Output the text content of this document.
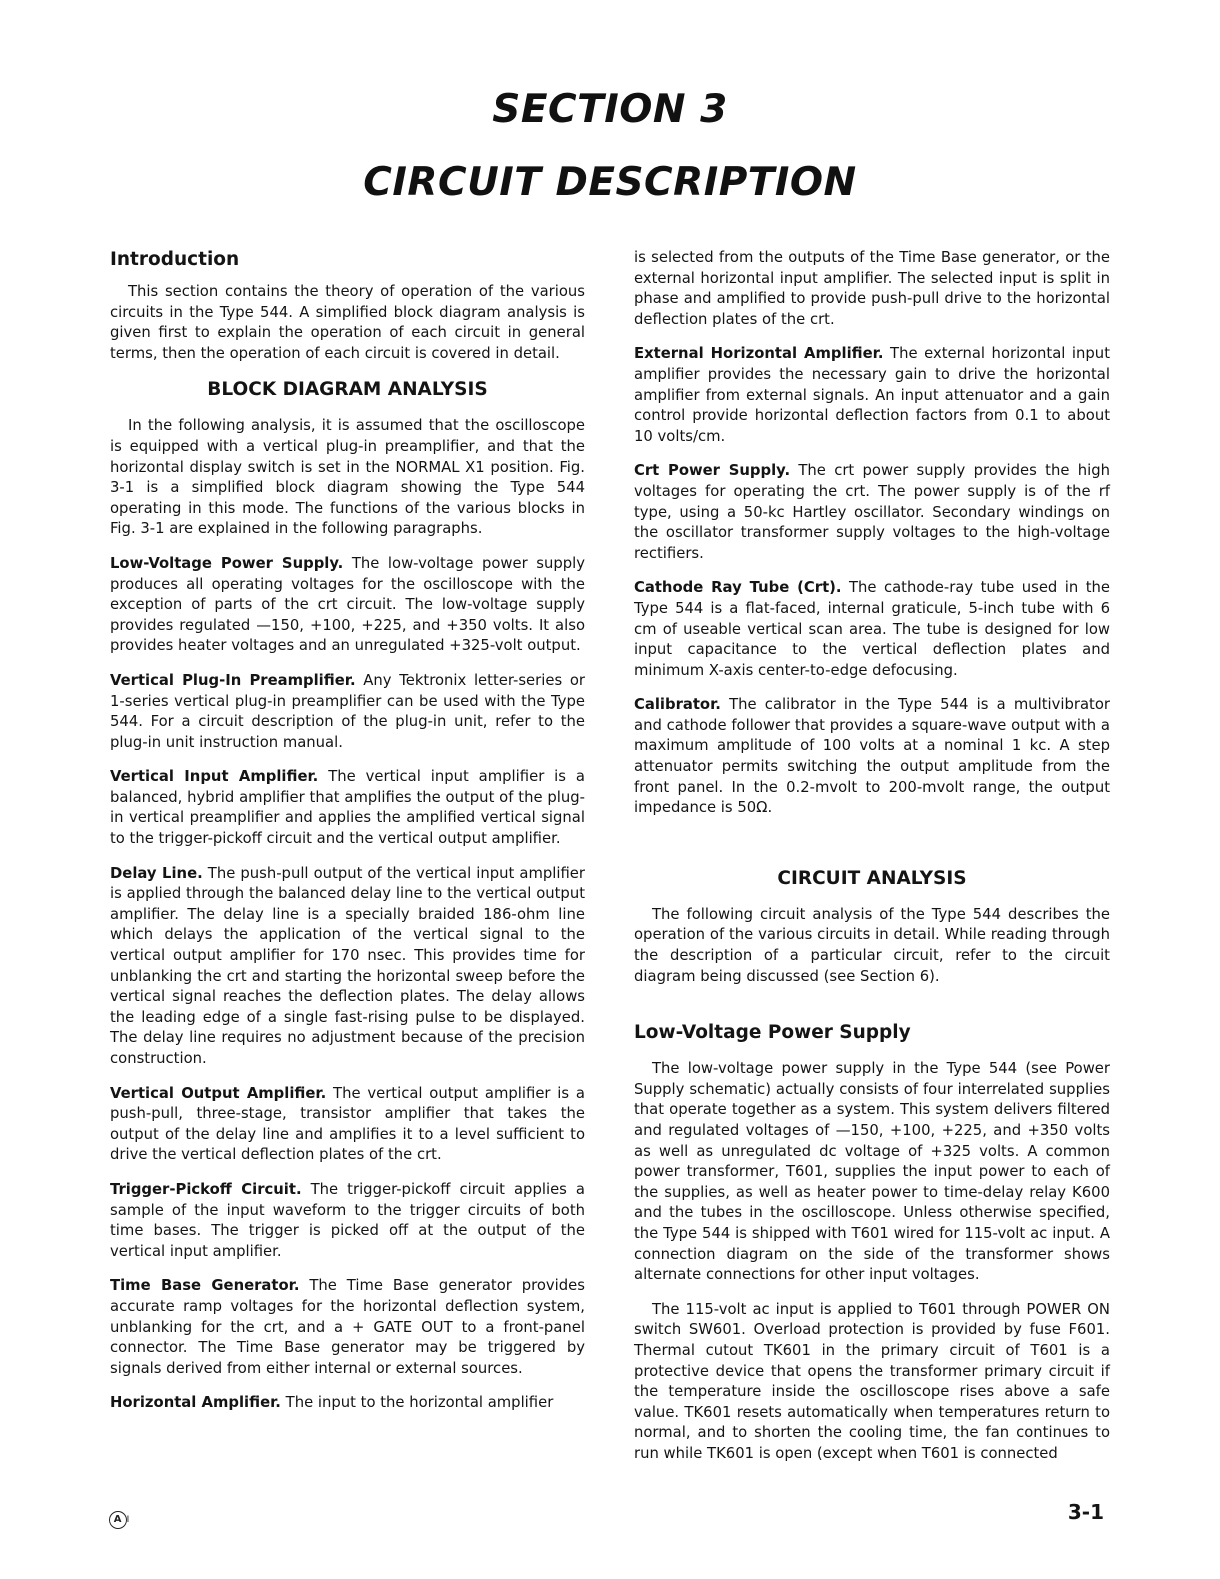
SECTION 3
CIRCUIT DESCRIPTION
Introduction

This section contains the theory of operation of the various circuits in the Type 544. A simplified block diagram analysis is given first to explain the operation of each circuit in general terms, then the operation of each circuit is covered in detail.

BLOCK DIAGRAM ANALYSIS

In the following analysis, it is assumed that the oscilloscope is equipped with a vertical plug-in preamplifier, and that the horizontal display switch is set in the NORMAL X1 position. Fig. 3-1 is a simplified block diagram showing the Type 544 operating in this mode. The functions of the various blocks in Fig. 3-1 are explained in the following paragraphs.

Low-Voltage Power Supply. The low-voltage power supply produces all operating voltages for the oscilloscope with the exception of parts of the crt circuit. The low-voltage supply provides regulated —150, +100, +225, and +350 volts. It also provides heater voltages and an unregulated +325-volt output.

Vertical Plug-In Preamplifier. Any Tektronix letter-series or 1-series vertical plug-in preamplifier can be used with the Type 544. For a circuit description of the plug-in unit, refer to the plug-in unit instruction manual.

Vertical Input Amplifier. The vertical input amplifier is a balanced, hybrid amplifier that amplifies the output of the plug-in vertical preamplifier and applies the amplified vertical signal to the trigger-pickoff circuit and the vertical output amplifier.

Delay Line. The push-pull output of the vertical input amplifier is applied through the balanced delay line to the vertical output amplifier. The delay line is a specially braided 186-ohm line which delays the application of the vertical signal to the vertical output amplifier for 170 nsec. This provides time for unblanking the crt and starting the horizontal sweep before the vertical signal reaches the deflection plates. The delay allows the leading edge of a single fast-rising pulse to be displayed. The delay line requires no adjustment because of the precision construction.

Vertical Output Amplifier. The vertical output amplifier is a push-pull, three-stage, transistor amplifier that takes the output of the delay line and amplifies it to a level sufficient to drive the vertical deflection plates of the crt.

Trigger-Pickoff Circuit. The trigger-pickoff circuit applies a sample of the input waveform to the trigger circuits of both time bases. The trigger is picked off at the output of the vertical input amplifier.

Time Base Generator. The Time Base generator provides accurate ramp voltages for the horizontal deflection system, unblanking for the crt, and a + GATE OUT to a front-panel connector. The Time Base generator may be triggered by signals derived from either internal or external sources.

Horizontal Amplifier. The input to the horizontal amplifier

is selected from the outputs of the Time Base generator, or the external horizontal input amplifier. The selected input is split in phase and amplified to provide push-pull drive to the horizontal deflection plates of the crt.

External Horizontal Amplifier. The external horizontal input amplifier provides the necessary gain to drive the horizontal amplifier from external signals. An input attenuator and a gain control provide horizontal deflection factors from 0.1 to about 10 volts/cm.

Crt Power Supply. The crt power supply provides the high voltages for operating the crt. The power supply is of the rf type, using a 50-kc Hartley oscillator. Secondary windings on the oscillator transformer supply voltages to the high-voltage rectifiers.

Cathode Ray Tube (Crt). The cathode-ray tube used in the Type 544 is a flat-faced, internal graticule, 5-inch tube with 6 cm of useable vertical scan area. The tube is designed for low input capacitance to the vertical deflection plates and minimum X-axis center-to-edge defocusing.

Calibrator. The calibrator in the Type 544 is a multivibrator and cathode follower that provides a square-wave output with a maximum amplitude of 100 volts at a nominal 1 kc. A step attenuator permits switching the output amplitude from the front panel. In the 0.2-mvolt to 200-mvolt range, the output impedance is 50Ω.

CIRCUIT ANALYSIS

The following circuit analysis of the Type 544 describes the operation of the various circuits in detail. While reading through the description of a particular circuit, refer to the circuit diagram being discussed (see Section 6).

Low-Voltage Power Supply

The low-voltage power supply in the Type 544 (see Power Supply schematic) actually consists of four interrelated supplies that operate together as a system. This system delivers filtered and regulated voltages of —150, +100, +225, and +350 volts as well as unregulated dc voltage of +325 volts. A common power transformer, T601, supplies the input power to each of the supplies, as well as heater power to time-delay relay K600 and the tubes in the oscilloscope. Unless otherwise specified, the Type 544 is shipped with T601 wired for 115-volt ac input. A connection diagram on the side of the transformer shows alternate connections for other input voltages.

The 115-volt ac input is applied to T601 through POWER ON switch SW601. Overload protection is provided by fuse F601. Thermal cutout TK601 in the primary circuit of T601 is a protective device that opens the transformer primary circuit if the temperature inside the oscilloscope rises above a safe value. TK601 resets automatically when temperatures return to normal, and to shorten the cooling time, the fan continues to run while TK601 is open (except when T601 is connected

A I	3-1
